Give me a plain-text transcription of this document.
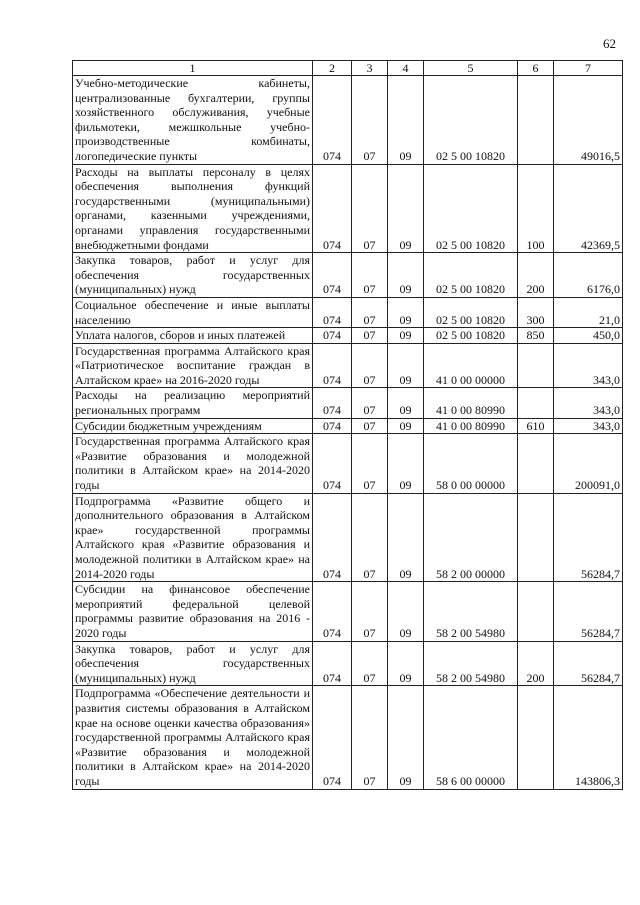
62
1	2	3	4	5	6	7
Учебно-методические кабинеты, централизованные бухгалтерии, группы хозяйственного обслуживания, учебные фильмотеки, межшкольные учебно-производственные комбинаты, логопедические пункты	074	07	09	02 5 00 10820		49016,5
Расходы на выплаты персоналу в целях обеспечения выполнения функций государственными (муниципальными) органами, казенными учреждениями, органами управления государственными внебюджетными фондами	074	07	09	02 5 00 10820	100	42369,5
Закупка товаров, работ и услуг для обеспечения государственных (муниципальных) нужд	074	07	09	02 5 00 10820	200	6176,0
Социальное обеспечение и иные выплаты населению	074	07	09	02 5 00 10820	300	21,0
Уплата налогов, сборов и иных платежей	074	07	09	02 5 00 10820	850	450,0
Государственная программа Алтайского края «Патриотическое воспитание граждан в Алтайском крае» на 2016-2020 годы	074	07	09	41 0 00 00000		343,0
Расходы на реализацию мероприятий региональных программ	074	07	09	41 0 00 80990		343,0
Субсидии бюджетным учреждениям	074	07	09	41 0 00 80990	610	343,0
Государственная программа Алтайского края «Развитие образования и молодежной политики в Алтайском крае» на 2014-2020 годы	074	07	09	58 0 00 00000		200091,0
Подпрограмма «Развитие общего и дополнительного образования в Алтайском крае» государственной программы Алтайского края «Развитие образования и молодежной политики в Алтайском крае» на 2014-2020 годы	074	07	09	58 2 00 00000		56284,7
Субсидии на финансовое обеспечение мероприятий федеральной целевой программы развитие образования на 2016 - 2020 годы	074	07	09	58 2 00 54980		56284,7
Закупка товаров, работ и услуг для обеспечения государственных (муниципальных) нужд	074	07	09	58 2 00 54980	200	56284,7
Подпрограмма «Обеспечение деятельности и развития системы образования в Алтайском крае на основе оценки качества образования» государственной программы Алтайского края «Развитие образования и молодежной политики в Алтайском крае» на 2014-2020 годы	074	07	09	58 6 00 00000		143806,3
